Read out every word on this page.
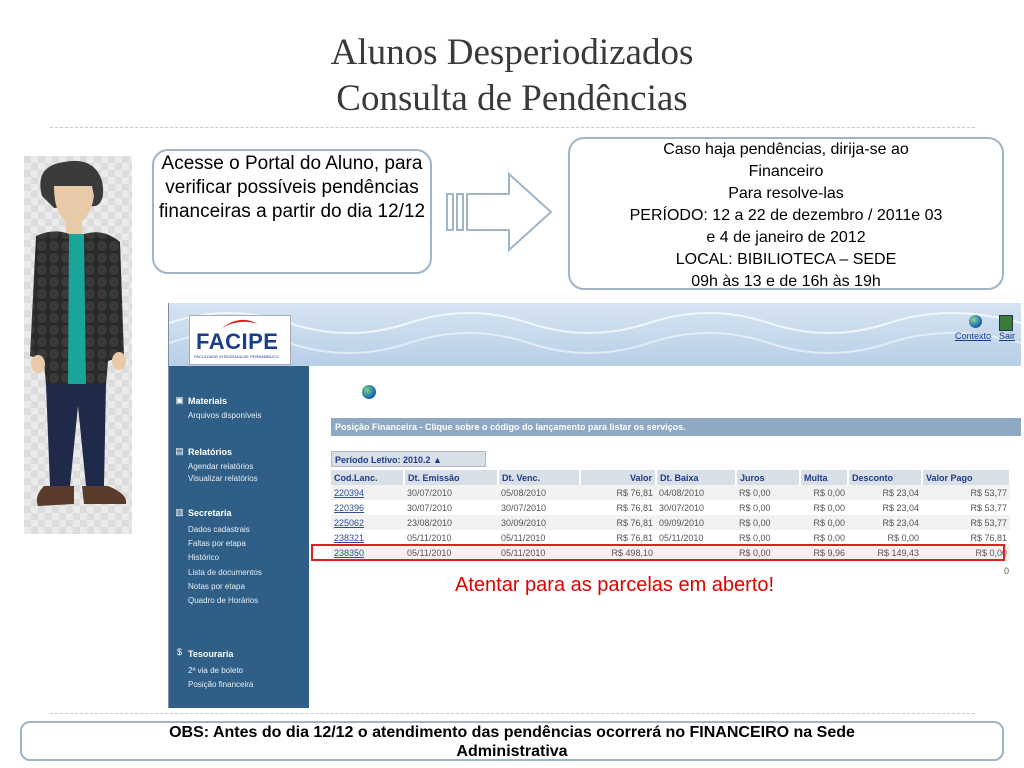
Alunos Desperiodizados
Consulta de Pendências
Acesse o Portal do Aluno, para verificar possíveis pendências financeiras a partir do dia 12/12
Caso haja pendências, dirija-se ao
Financeiro
Para resolve-las
PERÍODO: 12 a 22 de dezembro / 2011e 03
e 4 de janeiro de 2012
LOCAL: BIBILIOTECA – SEDE
09h às 13 e de 16h às 19h
FACIPE
FACULDADE INTEGRADA DE PERNAMBUCO
Contexto Sair
▣ Materiais
Arquivos disponíveis
▤ Relatórios
Agendar relatórios
Visualizar relatórios
▥ Secretaria
Dados cadastrais
Faltas por etapa
Histórico
Lista de documentos
Notas por etapa
Quadro de Horários
$ Tesouraria
2ª via de boleto
Posição financeira
Posição Financeira - Clique sobre o código do lançamento para listar os serviços.
Período Letivo: 2010.2 ▲
Cod.Lanc.	Dt. Emissão	Dt. Venc.	Valor	Dt. Baixa	Juros	Multa	Desconto	Valor Pago
220394	30/07/2010	05/08/2010	R$ 76,81	04/08/2010	R$ 0,00	R$ 0,00	R$ 23,04	R$ 53,77
220396	30/07/2010	30/07/2010	R$ 76,81	30/07/2010	R$ 0,00	R$ 0,00	R$ 23,04	R$ 53,77
225062	23/08/2010	30/09/2010	R$ 76,81	09/09/2010	R$ 0,00	R$ 0,00	R$ 23,04	R$ 53,77
238321	05/11/2010	05/11/2010	R$ 76,81	05/11/2010	R$ 0,00	R$ 0,00	R$ 0,00	R$ 76,81
238350	05/11/2010	05/11/2010	R$ 498,10		R$ 0,00	R$ 9,96	R$ 149,43	R$ 0,00
0
Atentar para as parcelas em aberto!
OBS: Antes do dia 12/12 o atendimento das pendências ocorrerá no FINANCEIRO na Sede
Administrativa
